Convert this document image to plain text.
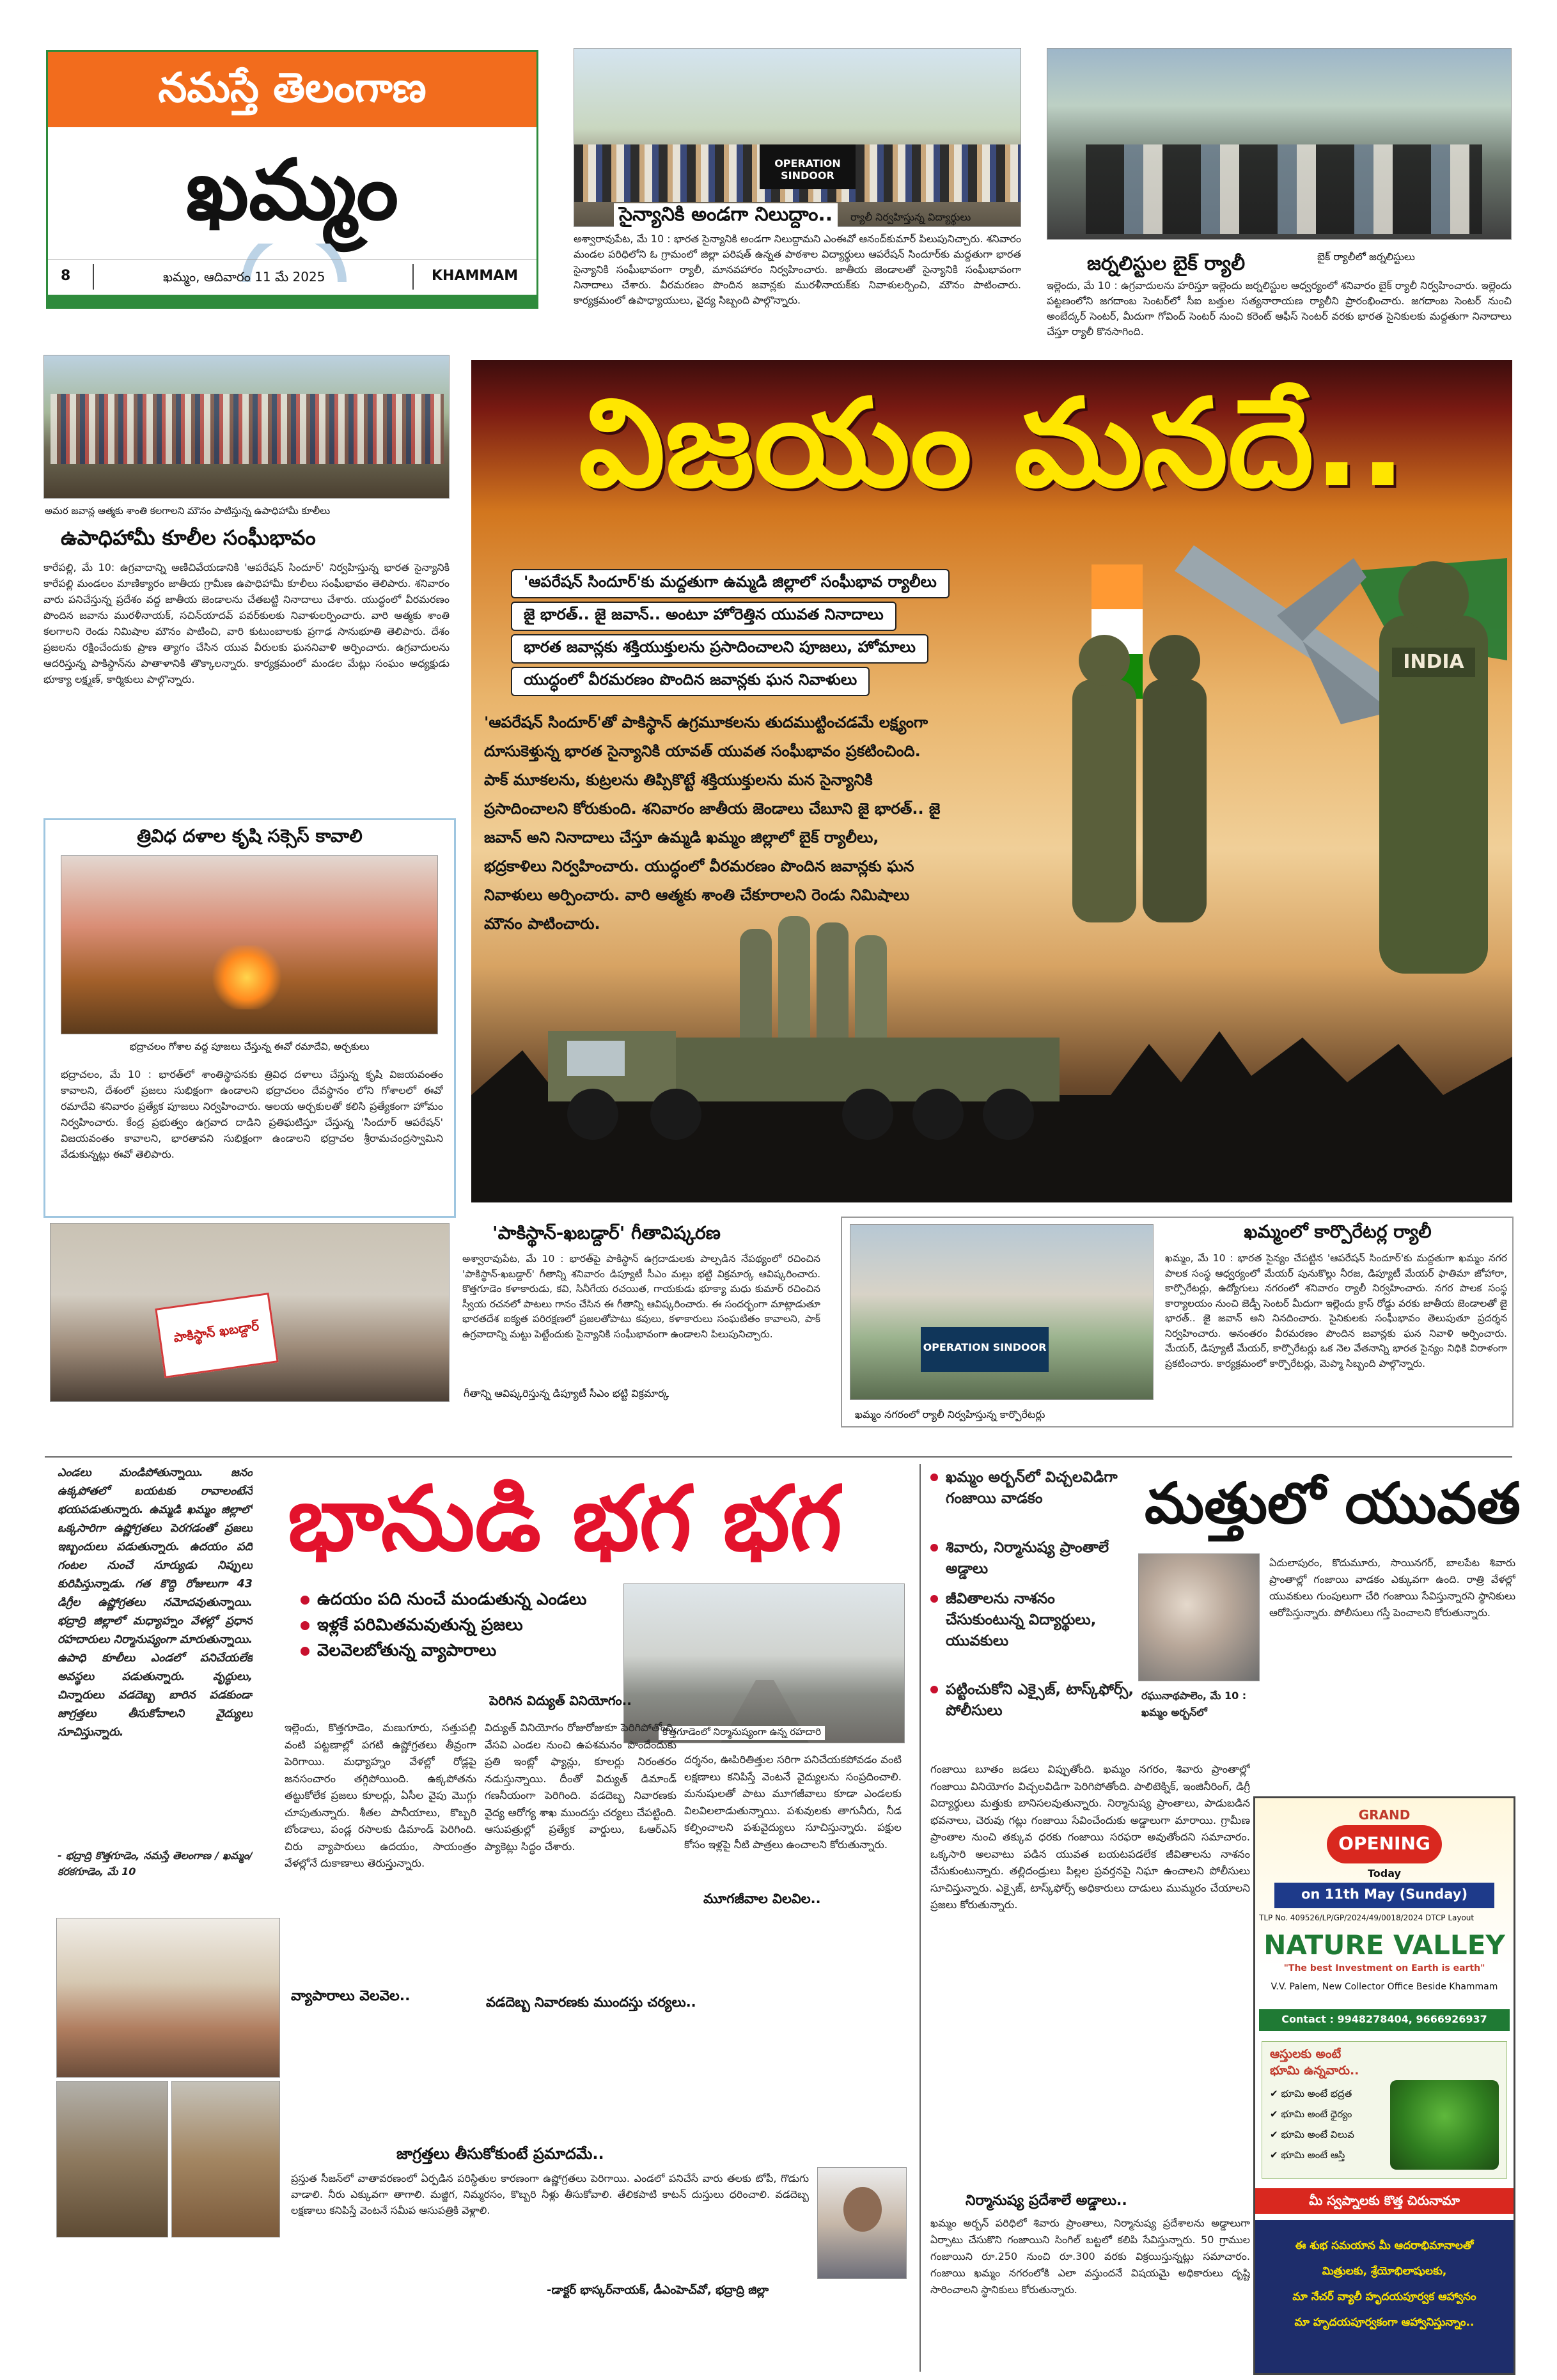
నమస్తే తెలంగాణ
ఖమ్మం
8	ఖమ్మం, ఆదివారం 11 మే 2025	KHAMMAM
OPERATION SINDOOR
సైన్యానికి అండగా నిలుద్దాం..	ర్యాలీ నిర్వహిస్తున్న విద్యార్థులు
అశ్వారావుపేట, మే 10 : భారత సైన్యానికి అండగా నిలుద్దామని ఎంఈవో ఆనంద్‌కుమార్ పిలుపునిచ్చారు. శనివారం మండల పరిధిలోని ఓ గ్రామంలో జిల్లా పరిషత్ ఉన్నత పాఠశాల విద్యార్థులు ఆపరేషన్ సిందూర్‌కు మద్దతుగా భారత సైన్యానికి సంఘీభావంగా ర్యాలీ, మానవహారం నిర్వహించారు. జాతీయ జెండాలతో సైన్యానికి సంఘీభావంగా నినాదాలు చేశారు. వీరమరణం పొందిన జవాన్లకు మురళీనాయక్‌కు నివాళులర్పించి, మౌనం పాటించారు. కార్యక్రమంలో ఉపాధ్యాయులు, వైద్య సిబ్బంది పాల్గొన్నారు.
జర్నలిస్టుల బైక్ ర్యాలీ	బైక్ ర్యాలీలో జర్నలిస్టులు
ఇల్లెందు, మే 10 : ఉగ్రవాదులను హరిస్తూ ఇల్లెందు జర్నలిస్టుల ఆధ్వర్యంలో శనివారం బైక్ ర్యాలీ నిర్వహించారు. ఇల్లెందు పట్టణంలోని జగదాంబ సెంటర్‌లో సీఐ బత్తుల సత్యనారాయణ ర్యాలీని ప్రారంభించారు. జగదాంబ సెంటర్ నుంచి అంబేద్కర్ సెంటర్, మీదుగా గోవింద్ సెంటర్ నుంచి కరెంట్ ఆఫీస్ సెంటర్ వరకు భారత సైనికులకు మద్దతుగా నినాదాలు చేస్తూ ర్యాలీ కొనసాగింది.
అమర జవాన్ల ఆత్మకు శాంతి కలగాలని మౌనం పాటిస్తున్న ఉపాధిహామీ కూలీలు
ఉపాధిహామీ కూలీల సంఘీభావం
కారేపల్లి, మే 10: ఉగ్రవాదాన్ని అణిచివేయడానికి 'ఆపరేషన్ సిందూర్' నిర్వహిస్తున్న భారత సైన్యానికి కారేపల్లి మండలం మాణిక్యారం జాతీయ గ్రామీణ ఉపాధిహామీ కూలీలు సంఘీభావం తెలిపారు. శనివారం వారు పనిచేస్తున్న ప్రదేశం వద్ద జాతీయ జెండాలను చేతబట్టి నినాదాలు చేశారు. యుద్ధంలో వీరమరణం పొందిన జవాను మురళీనాయక్, సచిన్‌యాదవ్ పవర్‌కులకు నివాళులర్పించారు. వారి ఆత్మకు శాంతి కలగాలని రెండు నిమిషాల మౌనం పాటించి, వారి కుటుంబాలకు ప్రగాఢ సానుభూతి తెలిపారు. దేశం ప్రజలను రక్షించేందుకు ప్రాణ త్యాగం చేసిన యువ వీరులకు ఘననివాళి అర్పించారు. ఉగ్రవాదులను ఆదరిస్తున్న పాకిస్థాన్‌ను పాతాళానికి తొక్కాలన్నారు. కార్యక్రమంలో మండల మేట్లు సంఘం అధ్యక్షుడు భూక్యా లక్ష్మణ్, కార్మికులు పాల్గొన్నారు.
త్రివిధ దళాల కృషి సక్సెస్ కావాలి
భద్రాచలం గోశాల వద్ద పూజలు చేస్తున్న ఈవో రమాదేవి, అర్చకులు
భద్రాచలం, మే 10 : భారత్‌లో శాంతిస్థాపనకు త్రివిధ దళాలు చేస్తున్న కృషి విజయవంతం కావాలని, దేశంలో ప్రజలు సుభిక్షంగా ఉండాలని భద్రాచలం దేవస్థానం లోని గోశాలలో ఈవో రమాదేవి శనివారం ప్రత్యేక పూజలు నిర్వహించారు. ఆలయ అర్చకులతో కలిసి ప్రత్యేకంగా హోమం నిర్వహించారు. కేంద్ర ప్రభుత్వం ఉగ్రవాద దాడిని ప్రతిఘటిస్తూ చేస్తున్న 'సిందూర్ ఆపరేషన్' విజయవంతం కావాలని, భారతావని సుభిక్షంగా ఉండాలని భద్రాచల శ్రీరామచంద్రస్వామిని వేడుకున్నట్లు ఈవో తెలిపారు.
విజయం మనదే..
'ఆపరేషన్ సిందూర్'కు మద్దతుగా ఉమ్మడి జిల్లాలో సంఘీభావ ర్యాలీలు
జై భారత్.. జై జవాన్.. అంటూ హోరెత్తిన యువత నినాదాలు
భారత జవాన్లకు శక్తియుక్తులను ప్రసాదించాలని పూజలు, హోమాలు
యుద్ధంలో వీరమరణం పొందిన జవాన్లకు ఘన నివాళులు
'ఆపరేషన్ సిందూర్'తో పాకిస్థాన్ ఉగ్రమూకలను తుదముట్టించడమే లక్ష్యంగా దూసుకెళ్తున్న భారత సైన్యానికి యావత్ యువత సంఘీభావం ప్రకటించింది. పాక్ మూకలను, కుట్రలను తిప్పికొట్టే శక్తియుక్తులను మన సైన్యానికి ప్రసాదించాలని కోరుకుంది. శనివారం జాతీయ జెండాలు చేబూని జై భారత్.. జై జవాన్ అని నినాదాలు చేస్తూ ఉమ్మడి ఖమ్మం జిల్లాలో బైక్ ర్యాలీలు, భద్రకాళిలు నిర్వహించారు. యుద్ధంలో వీరమరణం పొందిన జవాన్లకు ఘన నివాళులు అర్పించారు. వారి ఆత్మకు శాంతి చేకూరాలని రెండు నిమిషాలు మౌనం పాటించారు.
INDIA
పాకిస్థాన్ ఖబడ్దార్
గీతాన్ని ఆవిష్కరిస్తున్న డిప్యూటీ సీఎం భట్టి విక్రమార్క
'పాకిస్థాన్-ఖబడ్దార్' గీతావిష్కరణ
అశ్వారావుపేట, మే 10 : భారత్‌పై పాకిస్థాన్ ఉగ్రదాడులకు పాల్పడిన నేపథ్యంలో రచించిన 'పాకిస్థాన్-ఖబడ్దార్' గీతాన్ని శనివారం డిప్యూటీ సీఎం మల్లు భట్టి విక్రమార్క ఆవిష్కరించారు. కొత్తగూడెం కళాకారుడు, కవి, సినీగేయ రచయిత, గాయకుడు భూక్యా మధు కుమార్‌ రచించిన స్వీయ రచనలో పాటలు గానం చేసిన ఈ గీతాన్ని ఆవిష్కరించారు. ఈ సందర్భంగా మాట్లాడుతూ భారతదేశ ఐక్యత పరిరక్షణలో ప్రజలతోపాటు కవులు, కళాకారులు సంఘటితం కావాలని, పాక్ ఉగ్రవాదాన్ని మట్టు పెట్టేందుకు సైన్యానికి సంఘీభావంగా ఉండాలని పిలుపునిచ్చారు.
OPERATION SINDOOR
ఖమ్మం నగరంలో ర్యాలీ నిర్వహిస్తున్న కార్పొరేటర్లు
ఖమ్మంలో కార్పొరేటర్ల ర్యాలీ
ఖమ్మం, మే 10 : భారత సైన్యం చేపట్టిన 'ఆపరేషన్ సిందూర్'కు మద్దతుగా ఖమ్మం నగర పాలక సంస్థ ఆధ్వర్యంలో మేయర్ పునుకొల్లు నీరజ, డిప్యూటీ మేయర్ ఫాతిమా జోహారా, కార్పొరేటర్లు, ఉద్యోగులు నగరంలో శనివారం ర్యాలీ నిర్వహించారు. నగర పాలక సంస్థ కార్యాలయం నుంచి జెడ్పీ సెంటర్ మీదుగా ఇల్లెందు క్రాస్ రోడ్డు వరకు జాతీయ జెండాలతో జై భారత్.. జై జవాన్ అని నినదించారు. సైనికులకు సంఘీభావం తెలుపుతూ ప్రదర్శన నిర్వహించారు. అనంతరం వీరమరణం పొందిన జవాన్లకు ఘన నివాళి అర్పించారు. మేయర్, డిప్యూటీ మేయర్, కార్పొరేటర్లు ఒక నెల వేతనాన్ని భారత సైన్యం నిధికి విరాళంగా ప్రకటించారు. కార్యక్రమంలో కార్పొరేటర్లు, మెప్మా సిబ్బంది పాల్గొన్నారు.
ఎండలు మండిపోతున్నాయి. జనం ఉక్కపోతలో బయటకు రావాలంటేనే భయపడుతున్నారు. ఉమ్మడి ఖమ్మం జిల్లాలో ఒక్కసారిగా ఉష్ణోగ్రతలు పెరగడంతో ప్రజలు ఇబ్బందులు పడుతున్నారు. ఉదయం పది గంటల నుంచే సూర్యుడు నిప్పులు కురిపిస్తున్నాడు. గత కొద్ది రోజులుగా 43 డిగ్రీల ఉష్ణోగ్రతలు నమోదవుతున్నాయి. భద్రాద్రి జిల్లాలో మధ్యాహ్నం వేళల్లో ప్రధాన రహదారులు నిర్మానుష్యంగా మారుతున్నాయి. ఉపాధి కూలీలు ఎండలో పనిచేయలేక అవస్థలు పడుతున్నారు. వృద్ధులు, చిన్నారులు వడదెబ్బ బారిన పడకుండా జాగ్రత్తలు తీసుకోవాలని వైద్యులు సూచిస్తున్నారు.
- భద్రాద్రి కొత్తగూడెం, నమస్తే తెలంగాణ / ఖమ్మం/కరకగూడెం, మే 10
భానుడి భగ భగ
ఉదయం పది నుంచే మండుతున్న ఎండలు
ఇళ్లకే పరిమితమవుతున్న ప్రజలు
వెలవెలబోతున్న వ్యాపారాలు
కొత్తగూడెంలో నిర్మానుష్యంగా ఉన్న రహదారి
పెరిగిన విద్యుత్ వినియోగం..
ఇల్లెందు, కొత్తగూడెం, మణుగూరు, సత్తుపల్లి వంటి పట్టణాల్లో పగటి ఉష్ణోగ్రతలు తీవ్రంగా పెరిగాయి. మధ్యాహ్నం వేళల్లో రోడ్లపై జనసంచారం తగ్గిపోయింది. ఉక్కపోతను తట్టుకోలేక ప్రజలు కూలర్లు, ఏసీల వైపు మొగ్గు చూపుతున్నారు. శీతల పానీయాలు, కొబ్బరి బోండాలు, పండ్ల రసాలకు డిమాండ్ పెరిగింది. చిరు వ్యాపారులు ఉదయం, సాయంత్రం వేళల్లోనే దుకాణాలు తెరుస్తున్నారు.
వ్యాపారాలు వెలవెల..
విద్యుత్ వినియోగం రోజురోజుకూ పెరిగిపోతోంది. వేసవి ఎండల నుంచి ఉపశమనం పొందేందుకు ప్రతి ఇంట్లో ఫ్యాన్లు, కూలర్లు నిరంతరం నడుస్తున్నాయి. దీంతో విద్యుత్ డిమాండ్ గణనీయంగా పెరిగింది. వడదెబ్బ నివారణకు వైద్య ఆరోగ్య శాఖ ముందస్తు చర్యలు చేపట్టింది. ఆసుపత్రుల్లో ప్రత్యేక వార్డులు, ఓఆర్ఎస్ ప్యాకెట్లు సిద్ధం చేశారు.
వడదెబ్బ నివారణకు ముందస్తు చర్యలు..
దర్శనం, ఊపిరితిత్తుల సరిగా పనిచేయకపోవడం వంటి లక్షణాలు కనిపిస్తే వెంటనే వైద్యులను సంప్రదించాలి. మనుషులతో పాటు మూగజీవాలు కూడా ఎండలకు విలవిలలాడుతున్నాయి. పశువులకు తాగునీరు, నీడ కల్పించాలని పశువైద్యులు సూచిస్తున్నారు. పక్షుల కోసం ఇళ్లపై నీటి పాత్రలు ఉంచాలని కోరుతున్నారు.
మూగజీవాల విలవిల..
జాగ్రత్తలు తీసుకోకుంటే ప్రమాదమే..
ప్రస్తుత సీజన్‌లో వాతావరణంలో ఏర్పడిన పరిస్థితుల కారణంగా ఉష్ణోగ్రతలు పెరిగాయి. ఎండలో పనిచేసే వారు తలకు టోపీ, గొడుగు వాడాలి. నీరు ఎక్కువగా తాగాలి. మజ్జిగ, నిమ్మరసం, కొబ్బరి నీళ్లు తీసుకోవాలి. తేలికపాటి కాటన్ దుస్తులు ధరించాలి. వడదెబ్బ లక్షణాలు కనిపిస్తే వెంటనే సమీప ఆసుపత్రికి వెళ్లాలి.
-డాక్టర్ భాస్కర్‌నాయక్, డీఎంహెచ్‌వో, భద్రాద్రి జిల్లా
ఖమ్మం అర్బన్‌లో విచ్చలవిడిగా గంజాయి వాడకం
శివారు, నిర్మానుష్య ప్రాంతాలే అడ్డాలు
జీవితాలను నాశనం చేసుకుంటున్న విద్యార్థులు, యువకులు
పట్టించుకోని ఎక్సైజ్, టాస్క్‌ఫోర్స్, పోలీసులు
మత్తులో యువత
రఘునాథపాలెం, మే 10 : ఖమ్మం అర్బన్‌లో
ఏదులాపురం, కొదుమూరు, సాయినగర్, బాలపేట శివారు ప్రాంతాల్లో గంజాయి వాడకం ఎక్కువగా ఉంది. రాత్రి వేళల్లో యువకులు గుంపులుగా చేరి గంజాయి సేవిస్తున్నారని స్థానికులు ఆరోపిస్తున్నారు. పోలీసులు గస్తీ పెంచాలని కోరుతున్నారు.
గంజాయి బూతం జడలు విప్పుతోంది. ఖమ్మం నగరం, శివారు ప్రాంతాల్లో గంజాయి వినియోగం విచ్చలవిడిగా పెరిగిపోతోంది. పాలిటెక్నిక్, ఇంజినీరింగ్, డిగ్రీ విద్యార్థులు మత్తుకు బానిసలవుతున్నారు. నిర్మానుష్య ప్రాంతాలు, పాడుబడిన భవనాలు, చెరువు గట్లు గంజాయి సేవించేందుకు అడ్డాలుగా మారాయి. గ్రామీణ ప్రాంతాల నుంచి తక్కువ ధరకు గంజాయి సరఫరా అవుతోందని సమాచారం. ఒక్కసారి అలవాటు పడిన యువత బయటపడలేక జీవితాలను నాశనం చేసుకుంటున్నారు. తల్లిదండ్రులు పిల్లల ప్రవర్తనపై నిఘా ఉంచాలని పోలీసులు సూచిస్తున్నారు. ఎక్సైజ్, టాస్క్‌ఫోర్స్ అధికారులు దాడులు ముమ్మరం చేయాలని ప్రజలు కోరుతున్నారు.
నిర్మానుష్య ప్రదేశాలే అడ్డాలు..
ఖమ్మం అర్బన్ పరిధిలో శివారు ప్రాంతాలు, నిర్మానుష్య ప్రదేశాలను అడ్డాలుగా ఏర్పాటు చేసుకొని గంజాయిని సింగిల్ బట్టలో కలిపి సేవిస్తున్నారు. 50 గ్రాముల గంజాయిని రూ.250 నుంచి రూ.300 వరకు విక్రయిస్తున్నట్లు సమాచారం. గంజాయి ఖమ్మం నగరంలోకి ఎలా వస్తుందనే విషయమై అధికారులు దృష్టి సారించాలని స్థానికులు కోరుతున్నారు.
GRAND
OPENING
Today
on 11th May (Sunday)
TLP No. 409526/LP/GP/2024/49/0018/2024 DTCP Layout
NATURE VALLEY
"The best Investment on Earth is earth"
V.V. Palem, New Collector Office Beside Khammam
Contact : 9948278404, 9666926937
ఆస్తులకు అంటే
భూమి ఉన్నవారు..
✔ భూమి అంటే భద్రత
✔ భూమి అంటే ధైర్యం
✔ భూమి అంటే విలువ
✔ భూమి అంటే ఆస్తి
మీ స్వప్నాలకు కొత్త చిరునామా
ఈ శుభ సమయాన మీ ఆదరాభిమానాలతో
మిత్రులకు, శ్రేయోభిలాషులకు,
మా నేచర్ వ్యాలీ హృదయపూర్వక ఆహ్వానం
మా హృదయపూర్వకంగా ఆహ్వానిస్తున్నాం..
